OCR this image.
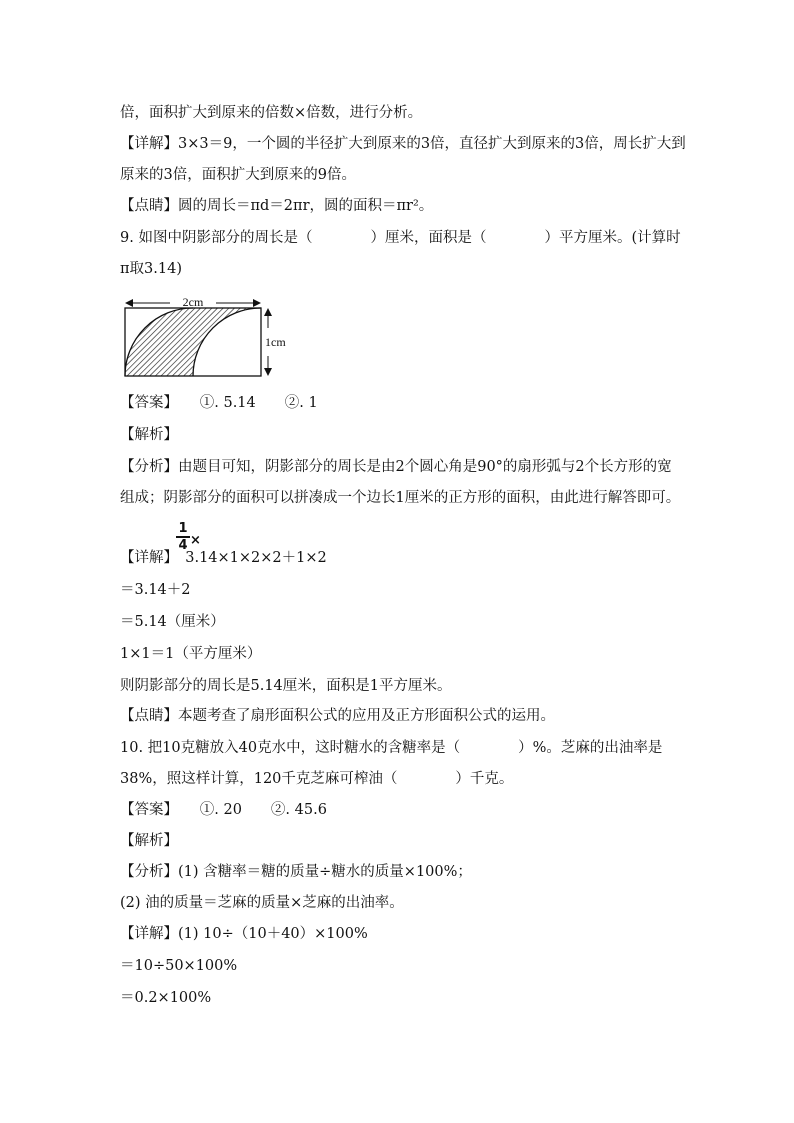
倍，面积扩大到原来的倍数×倍数，进行分析。
【详解】3×3＝9，一个圆的半径扩大到原来的3倍，直径扩大到原来的3倍，周长扩大到
原来的3倍，面积扩大到原来的9倍。
【点睛】圆的周长＝πd＝2πr，圆的面积＝πr²。
9. 如图中阴影部分的周长是（　　　　）厘米，面积是（　　　　）平方厘米。(计算时
π取3.14)
2cm
1cm
【答案】　　①. 5.14　　②. 1
【解析】
【分析】由题目可知，阴影部分的周长是由2个圆心角是90°的扇形弧与2个长方形的宽
组成；阴影部分的面积可以拼凑成一个边长1厘米的正方形的面积，由此进行解答即可。
1
4 ×
【详解】　3.14×1×2×2＋1×2
＝3.14＋2
＝5.14（厘米）
1×1＝1（平方厘米）
则阴影部分的周长是5.14厘米，面积是1平方厘米。
【点睛】本题考查了扇形面积公式的应用及正方形面积公式的运用。
10. 把10克糖放入40克水中，这时糖水的含糖率是（　　　　）%。芝麻的出油率是
38%，照这样计算，120千克芝麻可榨油（　　　　）千克。
【答案】　　①. 20　　②. 45.6
【解析】
【分析】(1) 含糖率＝糖的质量÷糖水的质量×100%；
(2) 油的质量＝芝麻的质量×芝麻的出油率。
【详解】(1) 10÷（10＋40）×100%
＝10÷50×100%
＝0.2×100%
